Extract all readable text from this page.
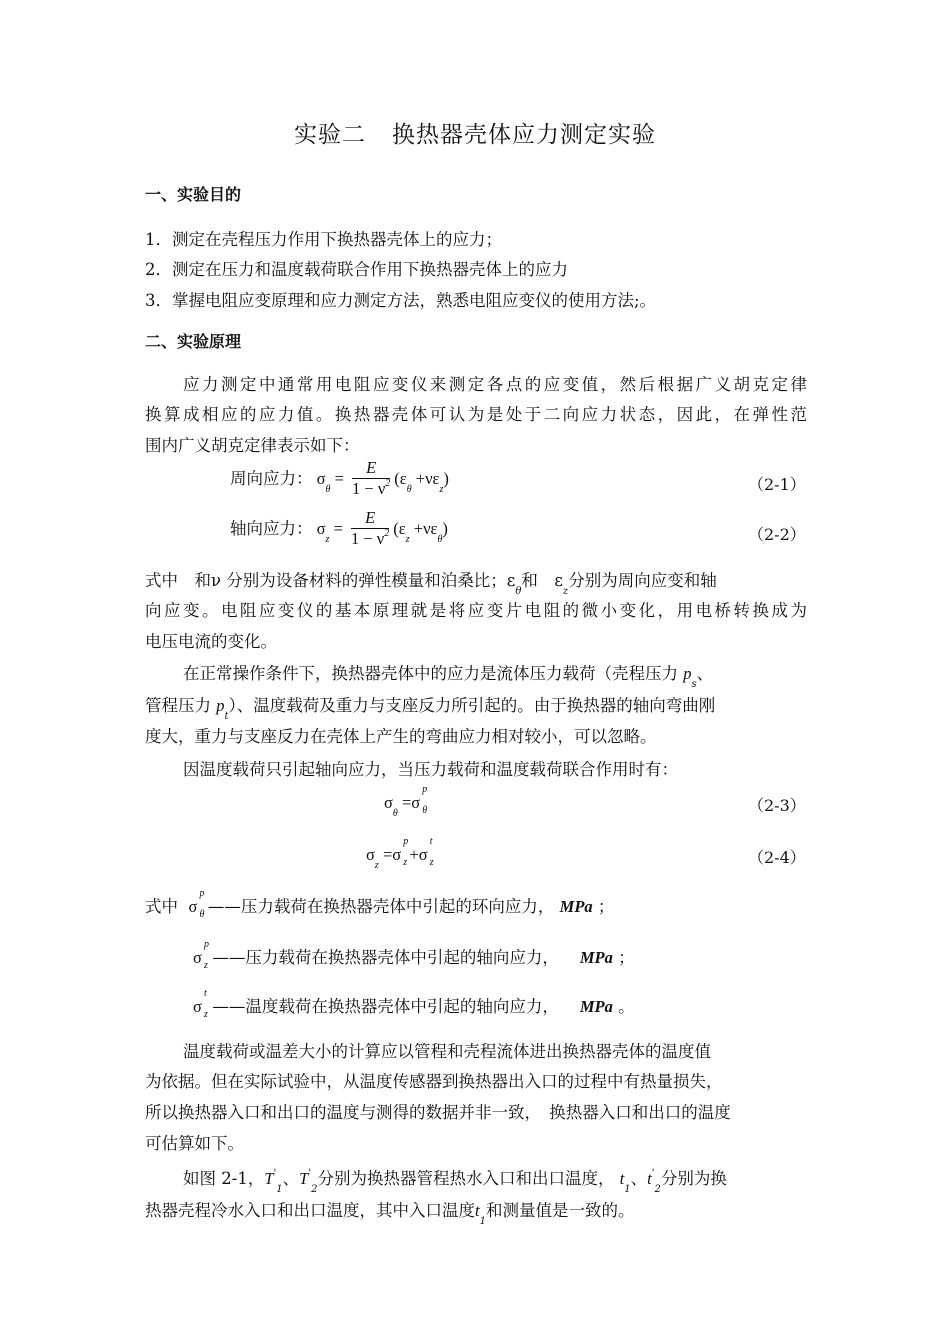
实验二 换热器壳体应力测定实验
一、实验目的
1．测定在壳程压力作用下换热器壳体上的应力；
2．测定在压力和温度载荷联合作用下换热器壳体上的应力
3．掌握电阻应变原理和应力测定方法，熟悉电阻应变仪的使用方法;。
二、实验原理
应力测定中通常用电阻应变仪来测定各点的应变值，然后根据广义胡克定律
换算成相应的应力值。换热器壳体可认为是处于二向应力状态，因此，在弹性范
围内广义胡克定律表示如下：
周向应力： $\sigma_\theta = \frac{E}{1 - \nu^2} (\varepsilon_\theta +\nu\varepsilon_z)$	（2-1）
轴向应力： $\sigma_z = \frac{E}{1 - \nu^2} (\varepsilon_z +\nu\varepsilon_\theta)$	（2-2）
式中　和ν 分别为设备材料的弹性模量和泊桑比；$\varepsilon_\theta$和　$\varepsilon_z$分别为周向应变和轴
向应变。电阻应变仪的基本原理就是将应变片电阻的微小变化，用电桥转换成为
电压电流的变化。
在正常操作条件下，换热器壳体中的应力是流体压力载荷（壳程压力 $p_s$、
管程压力 $p_t$）、温度载荷及重力与支座反力所引起的。由于换热器的轴向弯曲刚
度大，重力与支座反力在壳体上产生的弯曲应力相对较小，可以忽略。
因温度载荷只引起轴向应力，当压力载荷和温度载荷联合作用时有：
$\sigma_\theta =\sigma$
p
θ	（2-3）
$\sigma_z =\sigma$
p
z +σ
t
z	（2-4）
式中 σ
p
θ ——压力载荷在换热器壳体中引起的环向应力， MPa ；
σ
p
z ——压力载荷在换热器壳体中引起的轴向应力， MPa ；
σ
t
z ——温度载荷在换热器壳体中引起的轴向应力， MPa 。
温度载荷或温差大小的计算应以管程和壳程流体进出换热器壳体的温度值
为依据。但在实际试验中，从温度传感器到换热器出入口的过程中有热量损失，
所以换热器入口和出口的温度与测得的数据并非一致，　换热器入口和出口的温度
可估算如下。
如图 2-1，$T'_1$、$T'_2$分别为换热器管程热水入口和出口温度， $t_1$、$t'_2$分别为换
热器壳程冷水入口和出口温度，其中入口温度$t_1$和测量值是一致的。
